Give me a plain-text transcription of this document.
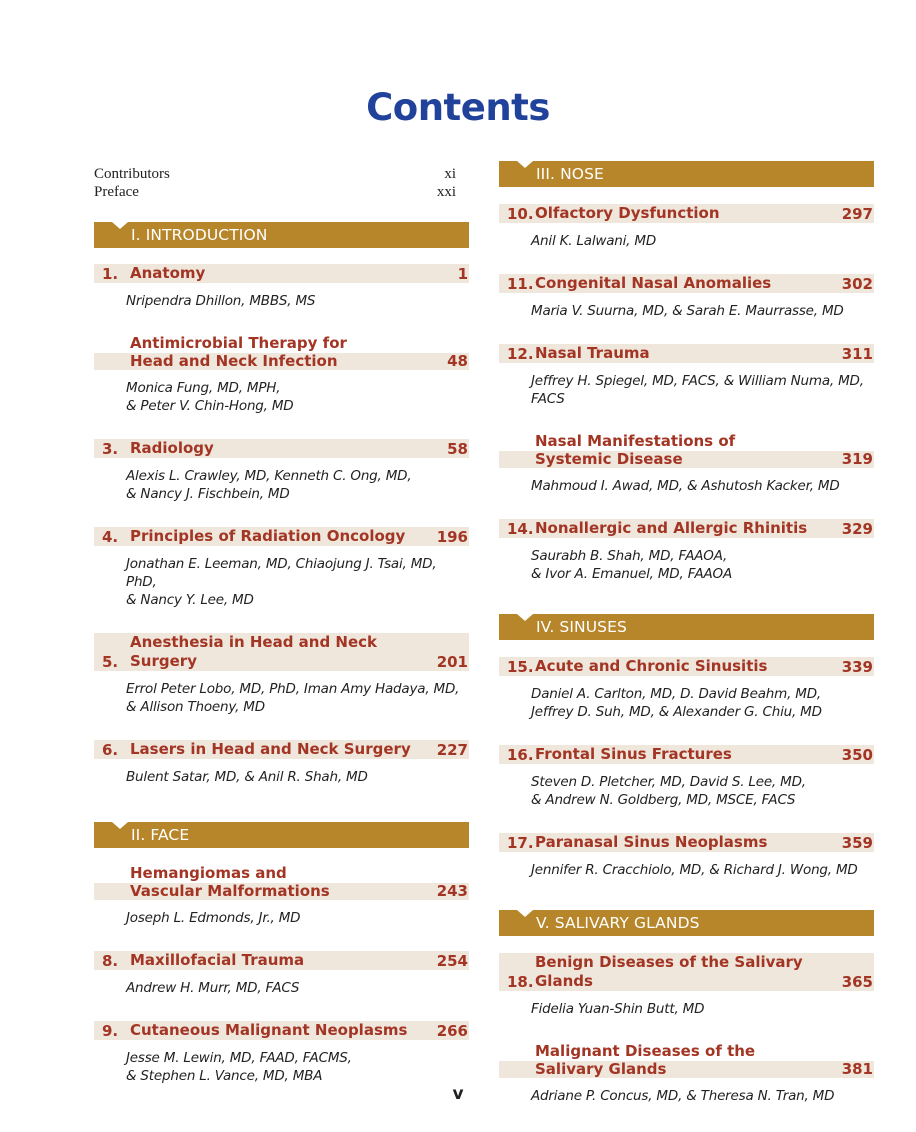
Contents
Contributors	xi
Preface	xxi
I. INTRODUCTION
1. Anatomy	1
Nripendra Dhillon, MBBS, MS
Antimicrobial Therapy for
Head and Neck Infection	48
Monica Fung, MD, MPH,
& Peter V. Chin-Hong, MD
3. Radiology	58
Alexis L. Crawley, MD, Kenneth C. Ong, MD,
& Nancy J. Fischbein, MD
4. Principles of Radiation Oncology	196
Jonathan E. Leeman, MD, Chiaojung J. Tsai, MD, PhD,
& Nancy Y. Lee, MD
5.
Anesthesia in Head and Neck Surgery	201
Errol Peter Lobo, MD, PhD, Iman Amy Hadaya, MD,
& Allison Thoeny, MD
6. Lasers in Head and Neck Surgery	227
Bulent Satar, MD, & Anil R. Shah, MD
II. FACE
Hemangiomas and
Vascular Malformations	243
Joseph L. Edmonds, Jr., MD
8. Maxillofacial Trauma	254
Andrew H. Murr, MD, FACS
9. Cutaneous Malignant Neoplasms	266
Jesse M. Lewin, MD, FAAD, FACMS,
& Stephen L. Vance, MD, MBA
III. NOSE
10. Olfactory Dysfunction	297
Anil K. Lalwani, MD
11. Congenital Nasal Anomalies	302
Maria V. Suurna, MD, & Sarah E. Maurrasse, MD
12. Nasal Trauma	311
Jeffrey H. Spiegel, MD, FACS, & William Numa, MD, FACS
Nasal Manifestations of
Systemic Disease	319
Mahmoud I. Awad, MD, & Ashutosh Kacker, MD
14. Nonallergic and Allergic Rhinitis	329
Saurabh B. Shah, MD, FAAOA,
& Ivor A. Emanuel, MD, FAAOA
IV. SINUSES
15. Acute and Chronic Sinusitis	339
Daniel A. Carlton, MD, D. David Beahm, MD,
Jeffrey D. Suh, MD, & Alexander G. Chiu, MD
16. Frontal Sinus Fractures	350
Steven D. Pletcher, MD, David S. Lee, MD,
& Andrew N. Goldberg, MD, MSCE, FACS
17. Paranasal Sinus Neoplasms	359
Jennifer R. Cracchiolo, MD, & Richard J. Wong, MD
V. SALIVARY GLANDS
18.
Benign Diseases of the Salivary Glands	365
Fidelia Yuan-Shin Butt, MD
Malignant Diseases of the
Salivary Glands	381
Adriane P. Concus, MD, & Theresa N. Tran, MD
v
